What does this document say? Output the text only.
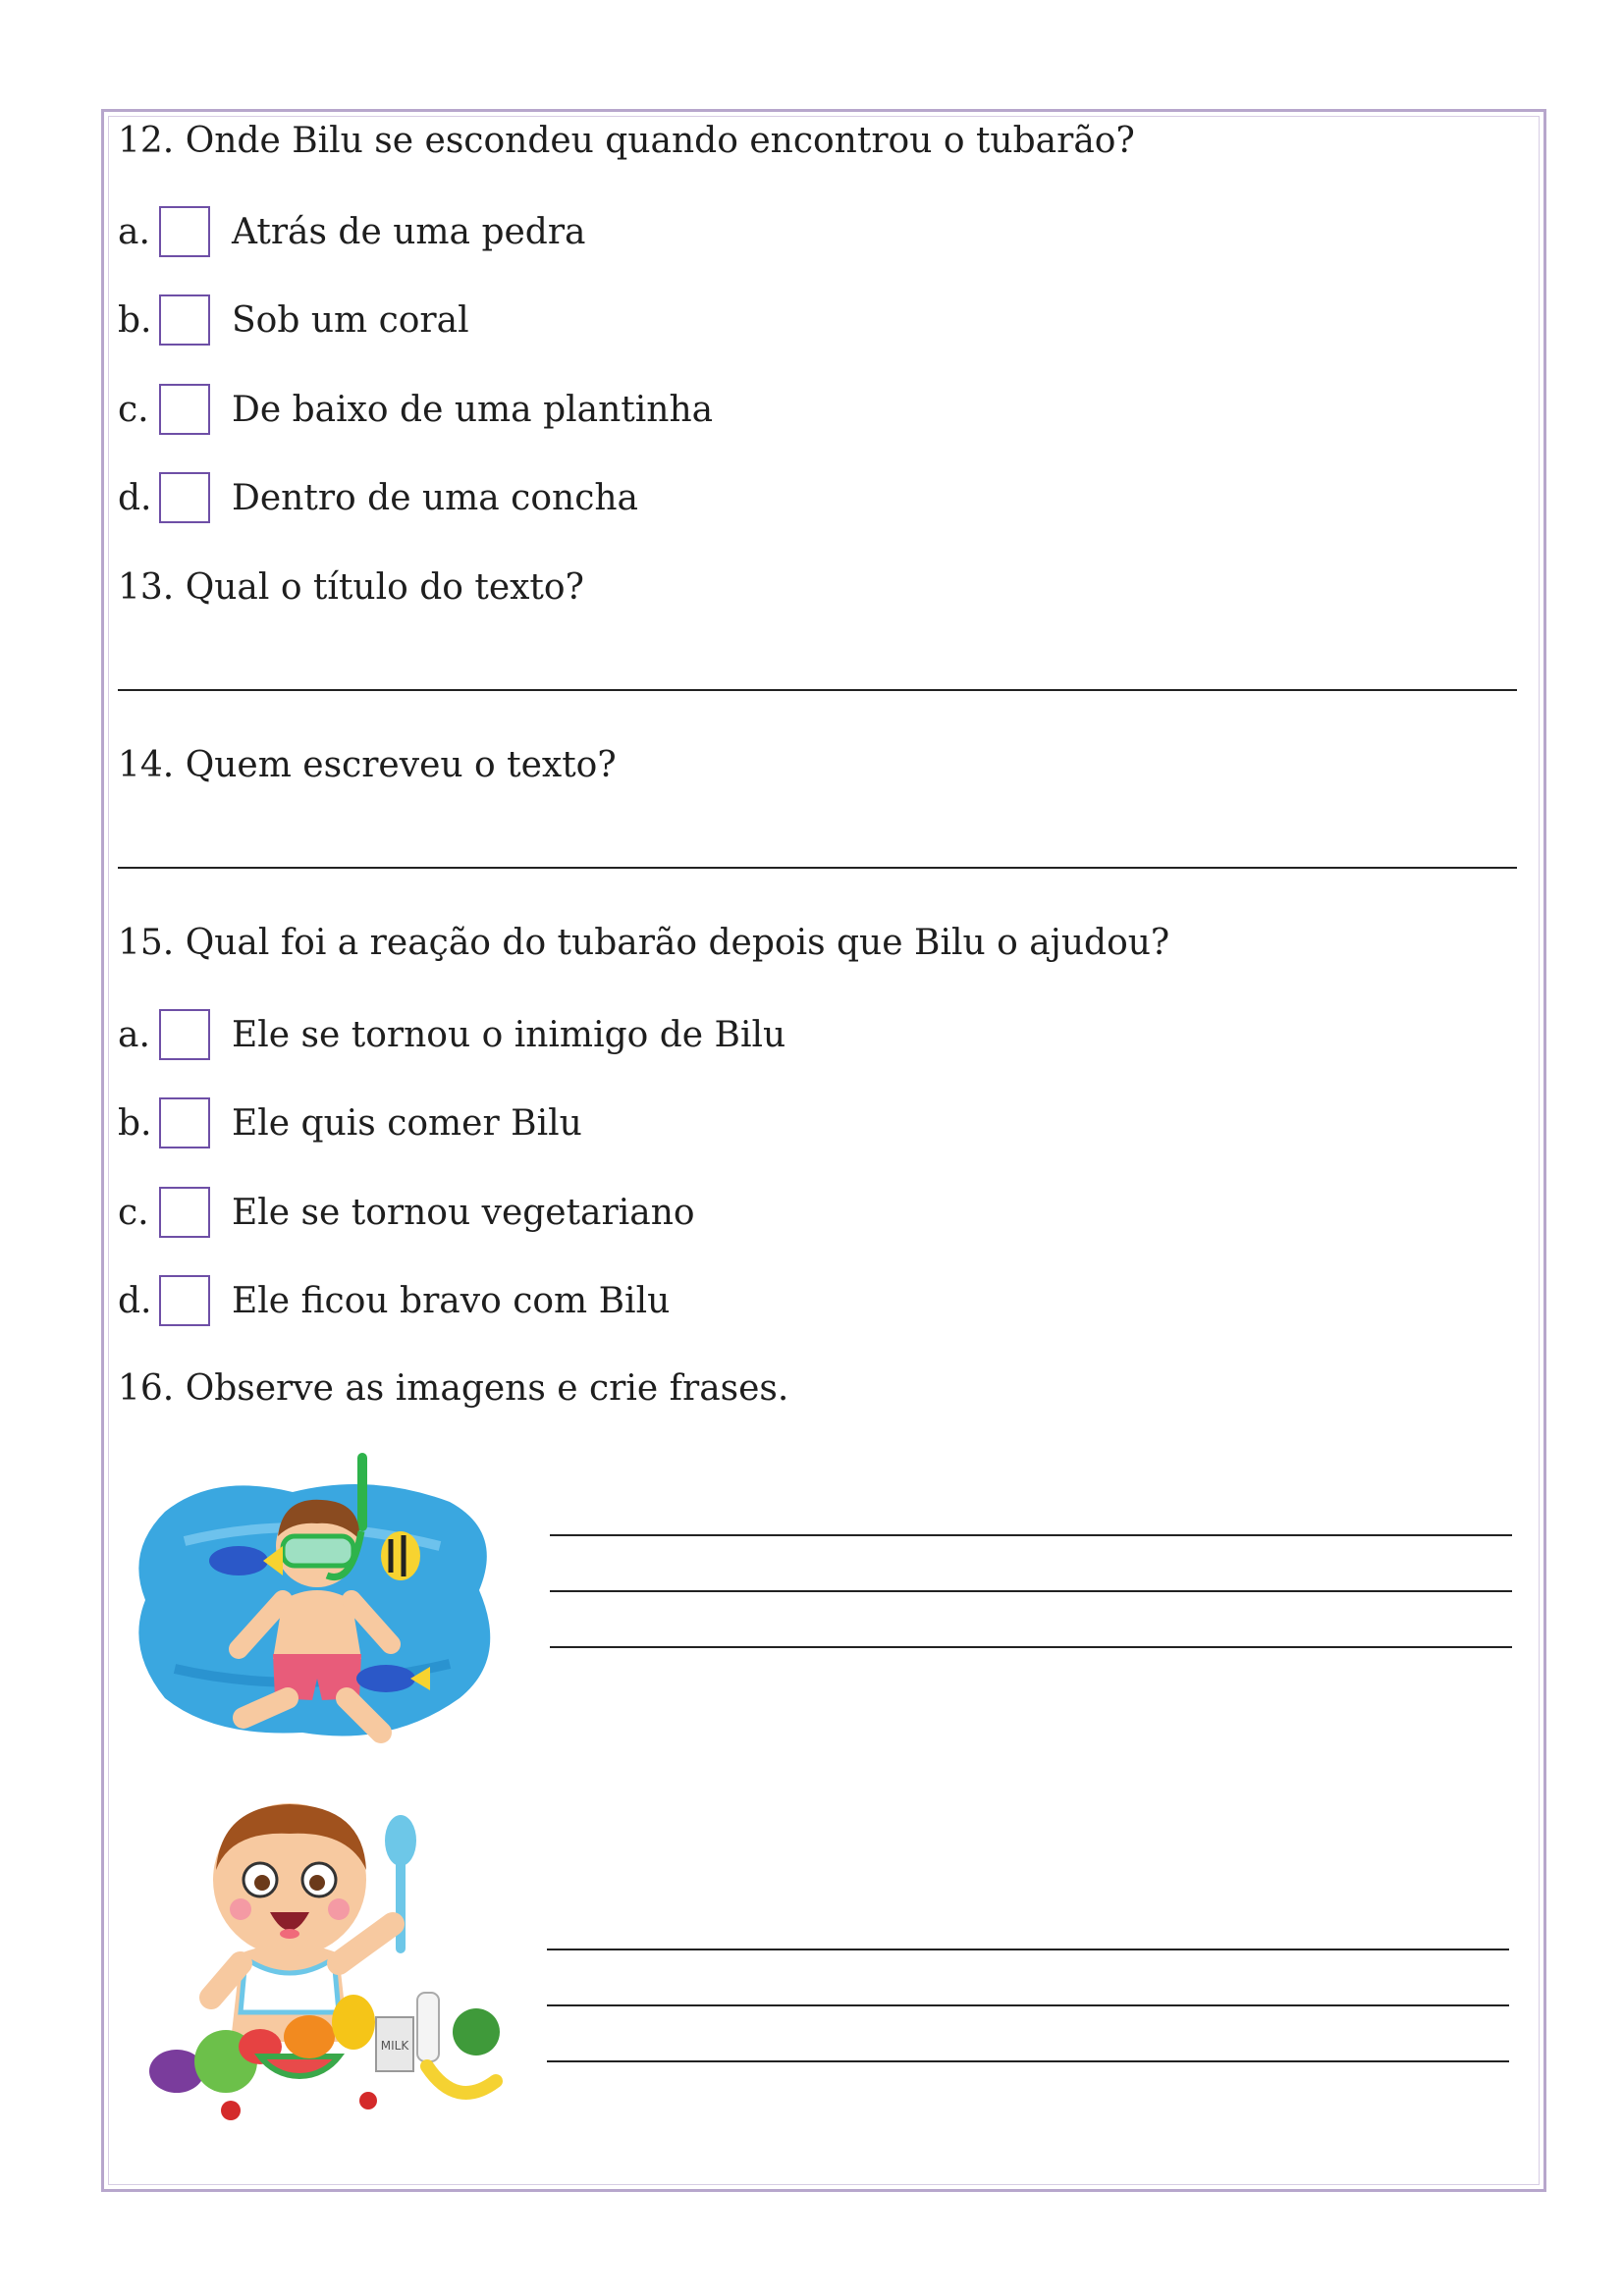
12. Onde Bilu se escondeu quando encontrou o tubarão?
a. Atrás de uma pedra
b. Sob um coral
c. De baixo de uma plantinha
d. Dentro de uma concha
13. Qual o título do texto?
14. Quem escreveu o texto?
15. Qual foi a reação do tubarão depois que Bilu o ajudou?
a. Ele se tornou o inimigo de Bilu
b. Ele quis comer Bilu
c. Ele se tornou vegetariano
d. Ele ficou bravo com Bilu
16. Observe as imagens e crie frases.
MILK
